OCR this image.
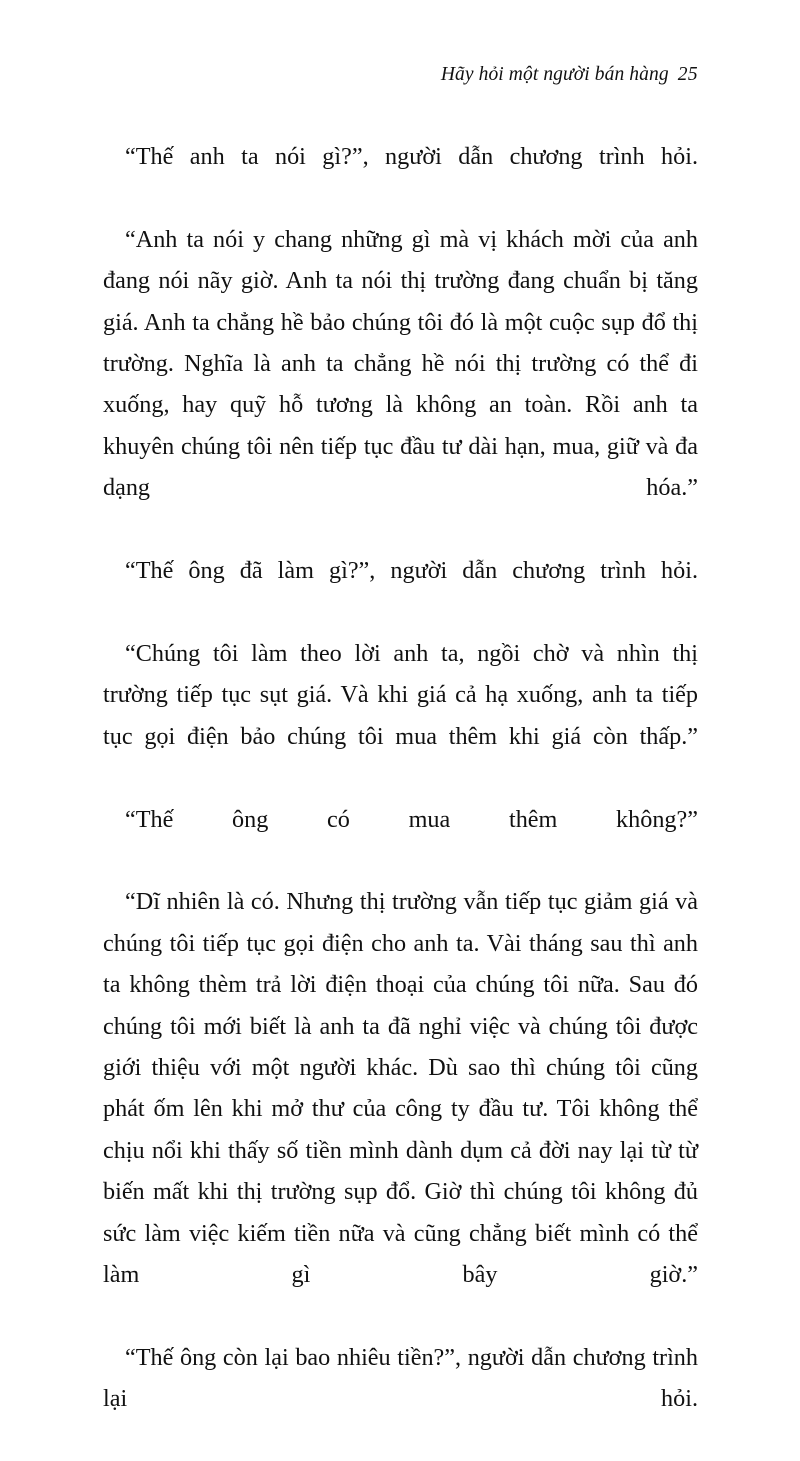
Hãy hỏi một người bán hàng 25

“Thế anh ta nói gì?”, người dẫn chương trình hỏi.

“Anh ta nói y chang những gì mà vị khách mời của anh đang nói nãy giờ. Anh ta nói thị trường đang chuẩn bị tăng giá. Anh ta chẳng hề bảo chúng tôi đó là một cuộc sụp đổ thị trường. Nghĩa là anh ta chẳng hề nói thị trường có thể đi xuống, hay quỹ hỗ tương là không an toàn. Rồi anh ta khuyên chúng tôi nên tiếp tục đầu tư dài hạn, mua, giữ và đa dạng hóa.”

“Thế ông đã làm gì?”, người dẫn chương trình hỏi.

“Chúng tôi làm theo lời anh ta, ngồi chờ và nhìn thị trường tiếp tục sụt giá. Và khi giá cả hạ xuống, anh ta tiếp tục gọi điện bảo chúng tôi mua thêm khi giá còn thấp.”

“Thế ông có mua thêm không?”

“Dĩ nhiên là có. Nhưng thị trường vẫn tiếp tục giảm giá và chúng tôi tiếp tục gọi điện cho anh ta. Vài tháng sau thì anh ta không thèm trả lời điện thoại của chúng tôi nữa. Sau đó chúng tôi mới biết là anh ta đã nghỉ việc và chúng tôi được giới thiệu với một người khác. Dù sao thì chúng tôi cũng phát ốm lên khi mở thư của công ty đầu tư. Tôi không thể chịu nổi khi thấy số tiền mình dành dụm cả đời nay lại từ từ biến mất khi thị trường sụp đổ. Giờ thì chúng tôi không đủ sức làm việc kiếm tiền nữa và cũng chẳng biết mình có thể làm gì bây giờ.”

“Thế ông còn lại bao nhiêu tiền?”, người dẫn chương trình lại hỏi.
